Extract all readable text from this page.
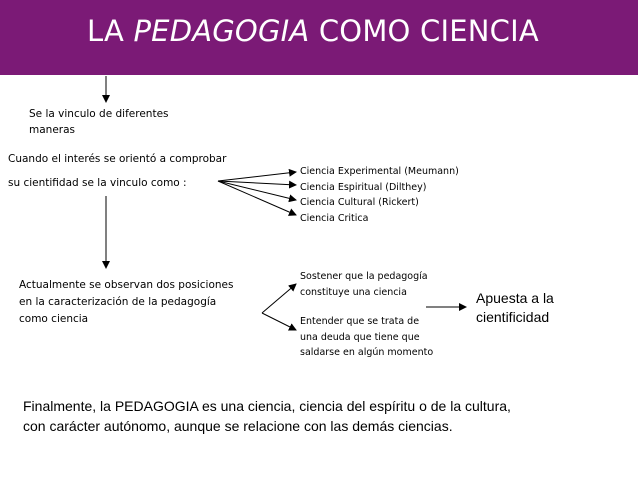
LA PEDAGOGIA COMO CIENCIA
Se la vinculo de diferentes
maneras
Cuando el interés se orientó a comprobar
su cientifidad se la vinculo como :
Ciencia Experimental (Meumann)
Ciencia Espiritual (Dilthey)
Ciencia Cultural (Rickert)
Ciencia Critica
Actualmente se observan dos posiciones
en la caracterización de la pedagogía
como ciencia
Sostener que la pedagogía
constituye una ciencia
Entender que se trata de
una deuda que tiene que
saldarse en algún momento
Apuesta a la
cientificidad
Finalmente, la PEDAGOGIA es una ciencia, ciencia del espíritu o de la cultura,
con carácter autónomo, aunque se relacione con las demás ciencias.
